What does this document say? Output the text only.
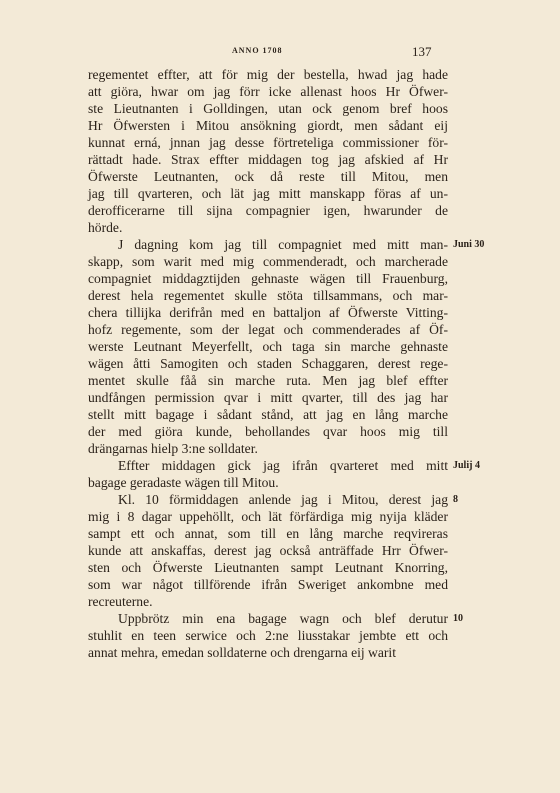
ANNO 1708	137
regementet effter, att för mig der bestella, hwad jag hade
att giöra, hwar om jag förr icke allenast hoos Hr Öfwer-
ste Lieutnanten i Golldingen, utan ock genom bref hoos
Hr Öfwersten i Mitou ansökning giordt, men sådant eij
kunnat erná, jnnan jag desse förtreteliga commissioner för-
rättadt hade. Strax effter middagen tog jag afskied af Hr
Öfwerste Leutnanten, ock då reste till Mitou, men
jag till qvarteren, och lät jag mitt manskapp föras af un-
derofficerarne till sijna compagnier igen, hwarunder de
hörde.
J dagning kom jag till compagniet med mitt man-
skapp, som warit med mig commenderadt, och marcherade
compagniet middagztijden gehnaste wägen till Frauenburg,
derest hela regementet skulle stöta tillsammans, och mar-
chera tillijka derifrån med en battaljon af Öfwerste Vitting-
hofz regemente, som der legat och commenderades af Öf-
werste Leutnant Meyerfellt, och taga sin marche gehnaste
wägen åtti Samogiten och staden Schaggaren, derest rege-
mentet skulle fåå sin marche ruta. Men jag blef effter
undfången permission qvar i mitt qvarter, till des jag har
stellt mitt bagage i sådant stånd, att jag en lång marche
der med giöra kunde, behollandes qvar hoos mig till
drängarnas hielp 3:ne solldater.
Effter middagen gick jag ifrån qvarteret med mitt
bagage geradaste wägen till Mitou.
Kl. 10 förmiddagen anlende jag i Mitou, derest jag
mig i 8 dagar uppehöllt, och lät förfärdiga mig nyija kläder
sampt ett och annat, som till en lång marche reqvireras
kunde att anskaffas, derest jag också anträffade Hrr Öfwer-
sten och Öfwerste Lieutnanten sampt Leutnant Knorring,
som war något tillförende ifrån Sweriget ankombne med
recreuterne.
Uppbrötz min ena bagage wagn och blef derutur
stuhlit en teen serwice och 2:ne liusstakar jembte ett och
annat mehra, emedan solldaterne och drengarna eij warit
Juni 30
Julij 4
8
10
